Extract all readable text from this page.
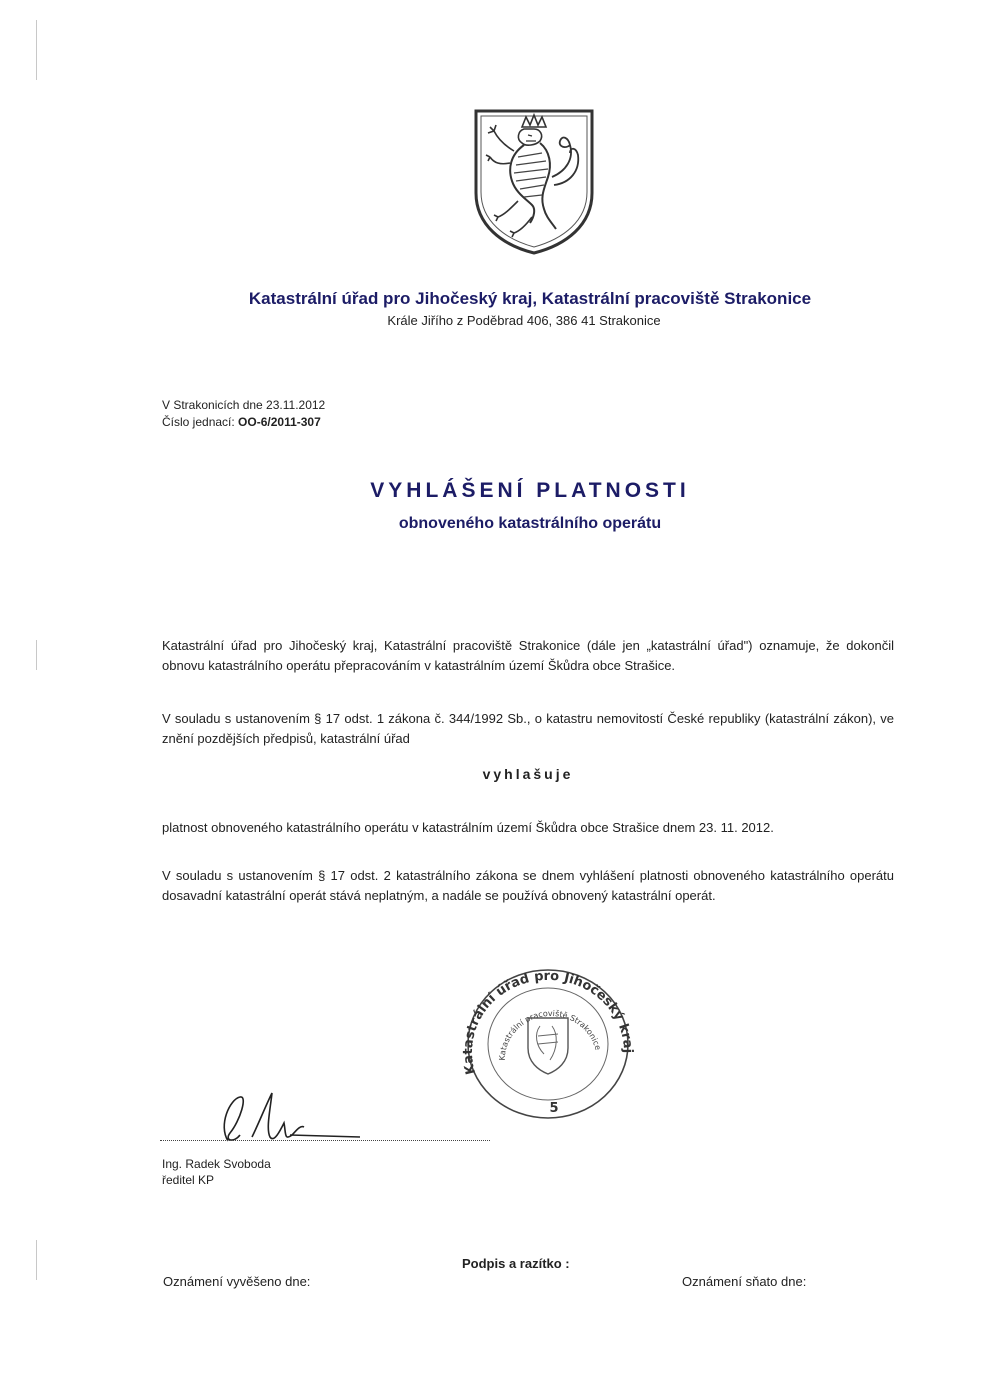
Katastrální úřad pro Jihočeský kraj, Katastrální pracoviště Strakonice
Krále Jiřího z Poděbrad 406, 386 41 Strakonice
V Strakonicích dne 23.11.2012
Číslo jednací: OO-6/2011-307
VYHLÁŠENÍ PLATNOSTI
obnoveného katastrálního operátu
Katastrální úřad pro Jihočeský kraj, Katastrální pracoviště Strakonice (dále jen „katastrální úřad") oznamuje, že dokončil obnovu katastrálního operátu přepracováním v katastrálním území Škůdra obce Strašice.
V souladu s ustanovením § 17 odst. 1 zákona č. 344/1992 Sb., o katastru nemovitostí České republiky (katastrální zákon), ve znění pozdějších předpisů, katastrální úřad
vyhlašuje
platnost obnoveného katastrálního operátu v katastrálním území Škůdra obce Strašice dnem 23. 11. 2012.
V souladu s ustanovením § 17 odst. 2 katastrálního zákona se dnem vyhlášení platnosti obnoveného katastrálního operátu dosavadní katastrální operát stává neplatným, a nadále se používá obnovený katastrální operát.
Katastrální úřad pro Jihočeský kraj
Katastrální pracoviště Strakonice
5
Ing. Radek Svoboda
ředitel KP
Podpis a razítko :
Oznámení vyvěšeno dne:	Oznámení sňato dne:
